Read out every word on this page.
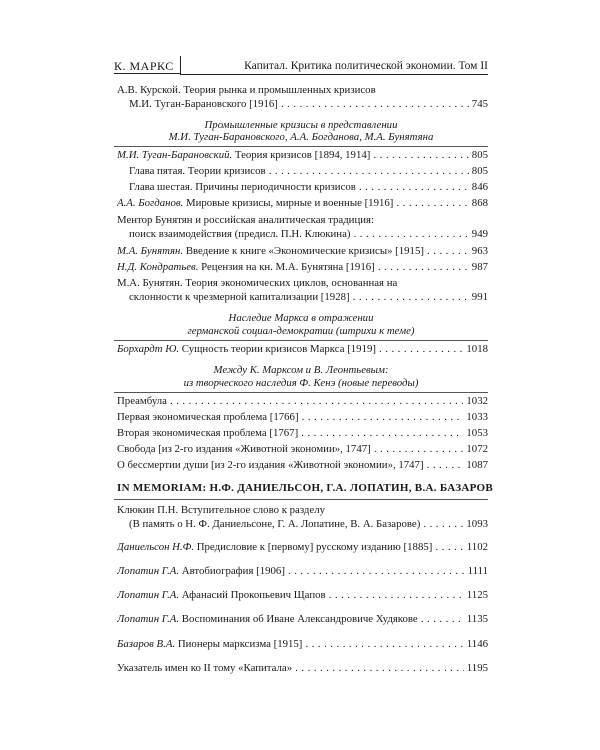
К. МАРКС	Капитал. Критика политической экономии. Том II
А.В. Курской. Теория рынка и промышленных кризисов
745
М.И. Туган-Барановского [1916] . . .
Промышленные кризисы в представлении
М.И. Туган-Барановского, А.А. Богданова, М.А. Бунятяна
805
М.И. Туган-Барановский. Теория кризисов [1894, 1914] . . .
805
Глава пятая. Теории кризисов . . .
846
Глава шестая. Причины периодичности кризисов . . .
868
А.А. Богданов. Мировые кризисы, мирные и военные [1916] . . .
Ментор Бунятян и российская аналитическая традиция:
949
поиск взаимодействия (предисл. П.Н. Клюкина) . . .
963
М.А. Бунятян. Введение к книге «Экономические кризисы» [1915] . . .
987
Н.Д. Кондратьев. Рецензия на кн. М.А. Бунятяна [1916] . . .
М.А. Бунятян. Теория экономических циклов, основанная на
991
склонности к чрезмерной капитализации [1928] . . .
Наследие Маркса в отражении
германской социал-демократии (штрихи к теме)
1018
Борхардт Ю. Сущность теории кризисов Маркса [1919] . . .
Между К. Марксом и В. Леонтьевым:
из творческого наследия Ф. Кенэ (новые переводы)
1032
Преамбула . . .
1033
Первая экономическая проблема [1766] . . .
1053
Вторая экономическая проблема [1767] . . .
1072
Свобода [из 2-го издания «Животной экономии», 1747] . . .
1087
О бессмертии души [из 2-го издания «Животной экономии», 1747] . . .
IN MEMORIAM: Н.Ф. ДАНИЕЛЬСОН, Г.А. ЛОПАТИН, В.А. БАЗАРОВ
Клюкин П.Н. Вступительное слово к разделу
1093
(В память о Н. Ф. Даниельсоне, Г. А. Лопатине, В. А. Базарове) . . .
1102
Даниельсон Н.Ф. Предисловие к [первому] русскому изданию [1885] . . .
1111
Лопатин Г.А. Автобиография [1906] . . .
1125
Лопатин Г.А. Афанасий Прокопьевич Щапов . . .
1135
Лопатин Г.А. Воспоминания об Иване Александровиче Худякове . . .
1146
Базаров В.А. Пионеры марксизма [1915] . . .
1195
Указатель имен ко II тому «Капитала» . . .
